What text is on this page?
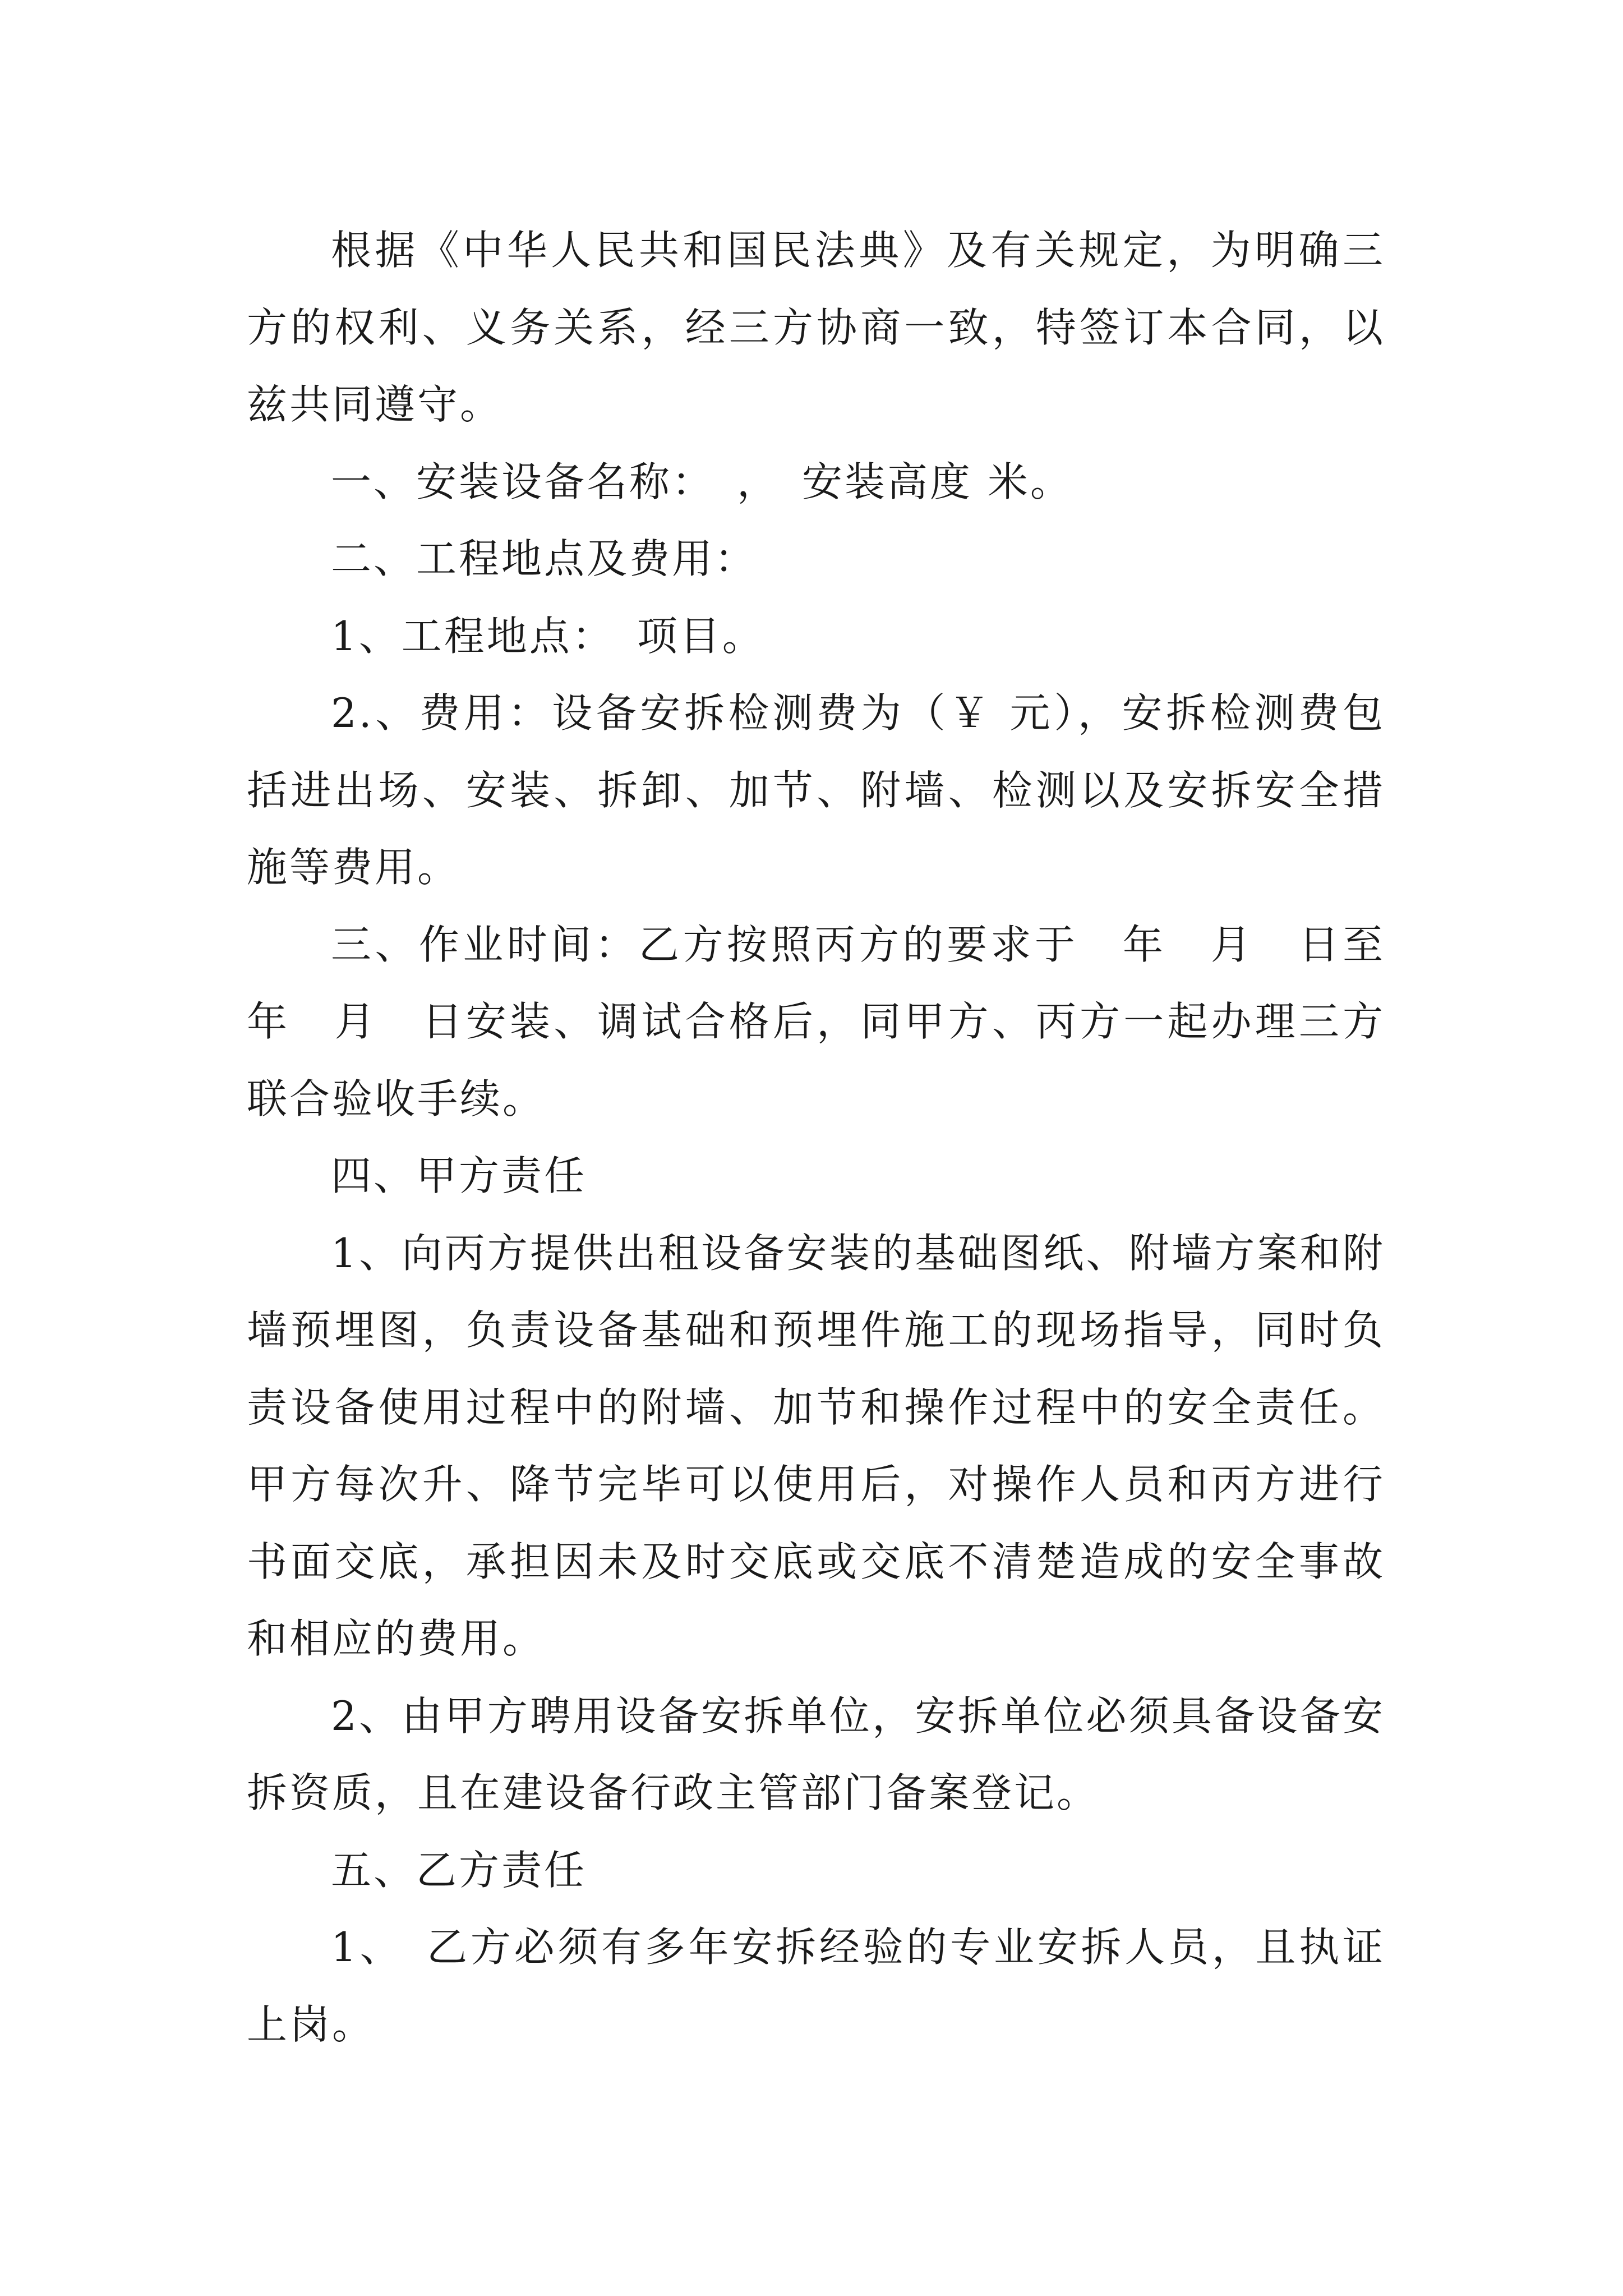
根据《中华人民共和国民法典》及有关规定，为明确三方的权利、义务关系，经三方协商一致，特签订本合同，以兹共同遵守。

一、安装设备名称：　，　安装高度 米。

二、工程地点及费用：

1、工程地点：　项目。

2.、费用：设备安拆检测费为（￥ 元），安拆检测费包括进出场、安装、拆卸、加节、附墙、检测以及安拆安全措施等费用。

三、作业时间：乙方按照丙方的要求于　年　月　日至　年　月　日安装、调试合格后，同甲方、丙方一起办理三方联合验收手续。

四、甲方责任

1、向丙方提供出租设备安装的基础图纸、附墙方案和附墙预埋图，负责设备基础和预埋件施工的现场指导，同时负责设备使用过程中的附墙、加节和操作过程中的安全责任。甲方每次升、降节完毕可以使用后，对操作人员和丙方进行书面交底，承担因未及时交底或交底不清楚造成的安全事故和相应的费用。

2、由甲方聘用设备安拆单位，安拆单位必须具备设备安拆资质，且在建设备行政主管部门备案登记。

五、乙方责任

1、　乙方必须有多年安拆经验的专业安拆人员，且执证上岗。
